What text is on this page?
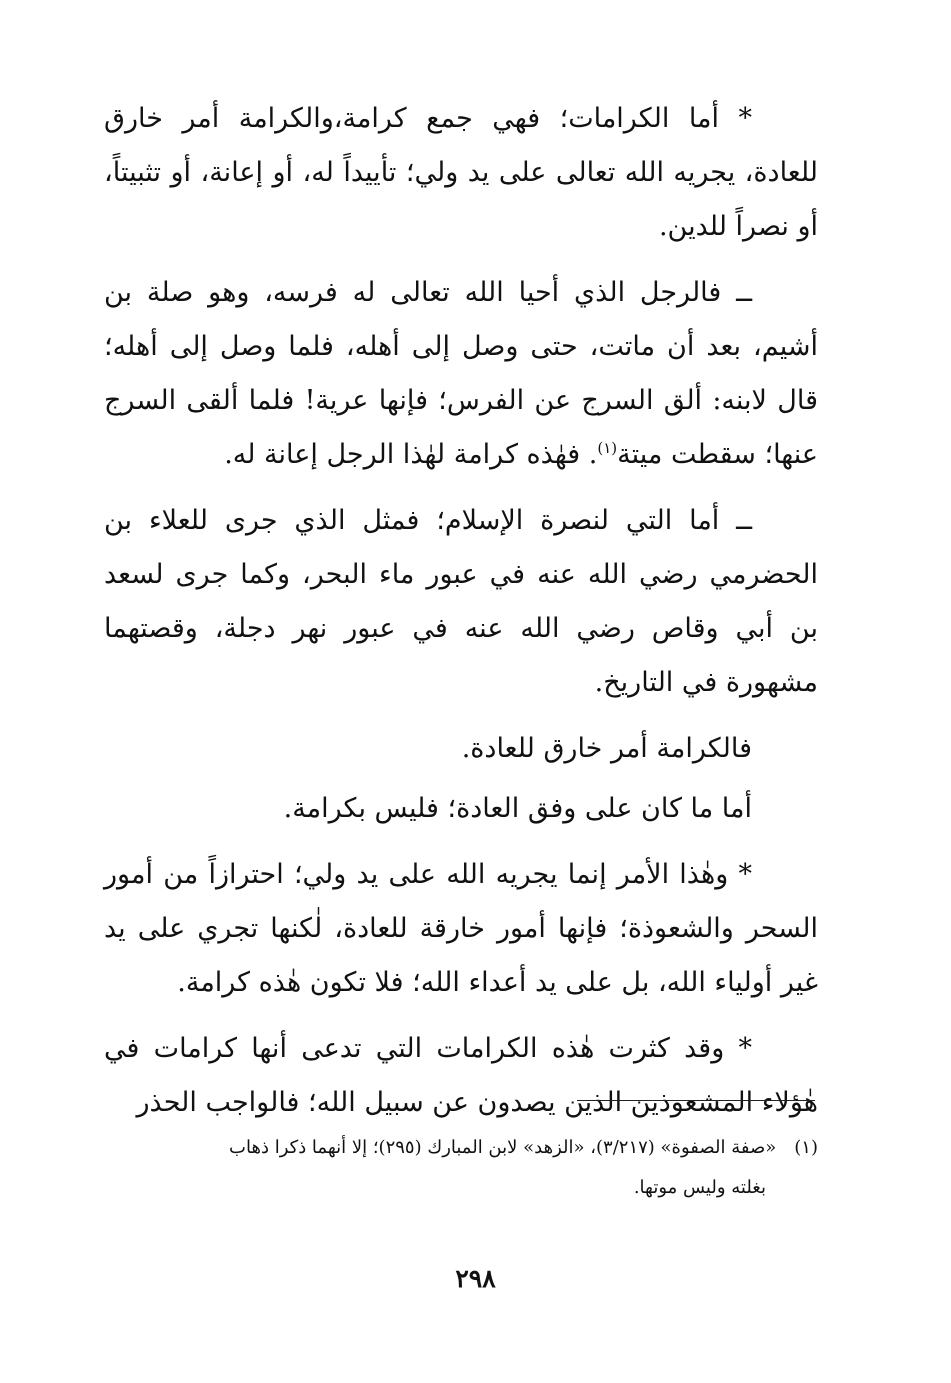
* أما الكرامات؛ فهي جمع كرامة،والكرامة أمر خارق للعادة، يجريه الله تعالى على يد ولي؛ تأييداً له، أو إعانة، أو تثبيتاً، أو نصراً للدين.

ــ فالرجل الذي أحيا الله تعالى له فرسه، وهو صلة بن أشيم، بعد أن ماتت، حتى وصل إلى أهله، فلما وصل إلى أهله؛ قال لابنه: ألق السرج عن الفرس؛ فإنها عرية! فلما ألقى السرج عنها؛ سقطت ميتة$^{(١)}$. فهٰذه كرامة لهٰذا الرجل إعانة له.

ــ أما التي لنصرة الإسلام؛ فمثل الذي جرى للعلاء بن الحضرمي رضي الله عنه في عبور ماء البحر، وكما جرى لسعد بن أبي وقاص رضي الله عنه في عبور نهر دجلة، وقصتهما مشهورة في التاريخ.

فالكرامة أمر خارق للعادة.

أما ما كان على وفق العادة؛ فليس بكرامة.

* وهٰذا الأمر إنما يجريه الله على يد ولي؛ احترازاً من أمور السحر والشعوذة؛ فإنها أمور خارقة للعادة، لٰكنها تجري على يد غير أولياء الله، بل على يد أعداء الله؛ فلا تكون هٰذه كرامة.

* وقد كثرت هٰذه الكرامات التي تدعى أنها كرامات في هٰؤلاء المشعوذين الذين يصدون عن سبيل الله؛ فالواجب الحذر

(١)«صفة الصفوة» (٣/٢١٧)، «الزهد» لابن المبارك (٢٩٥)؛ إلا أنهما ذكرا ذهاب
بغلته وليس موتها.
٢٩٨
